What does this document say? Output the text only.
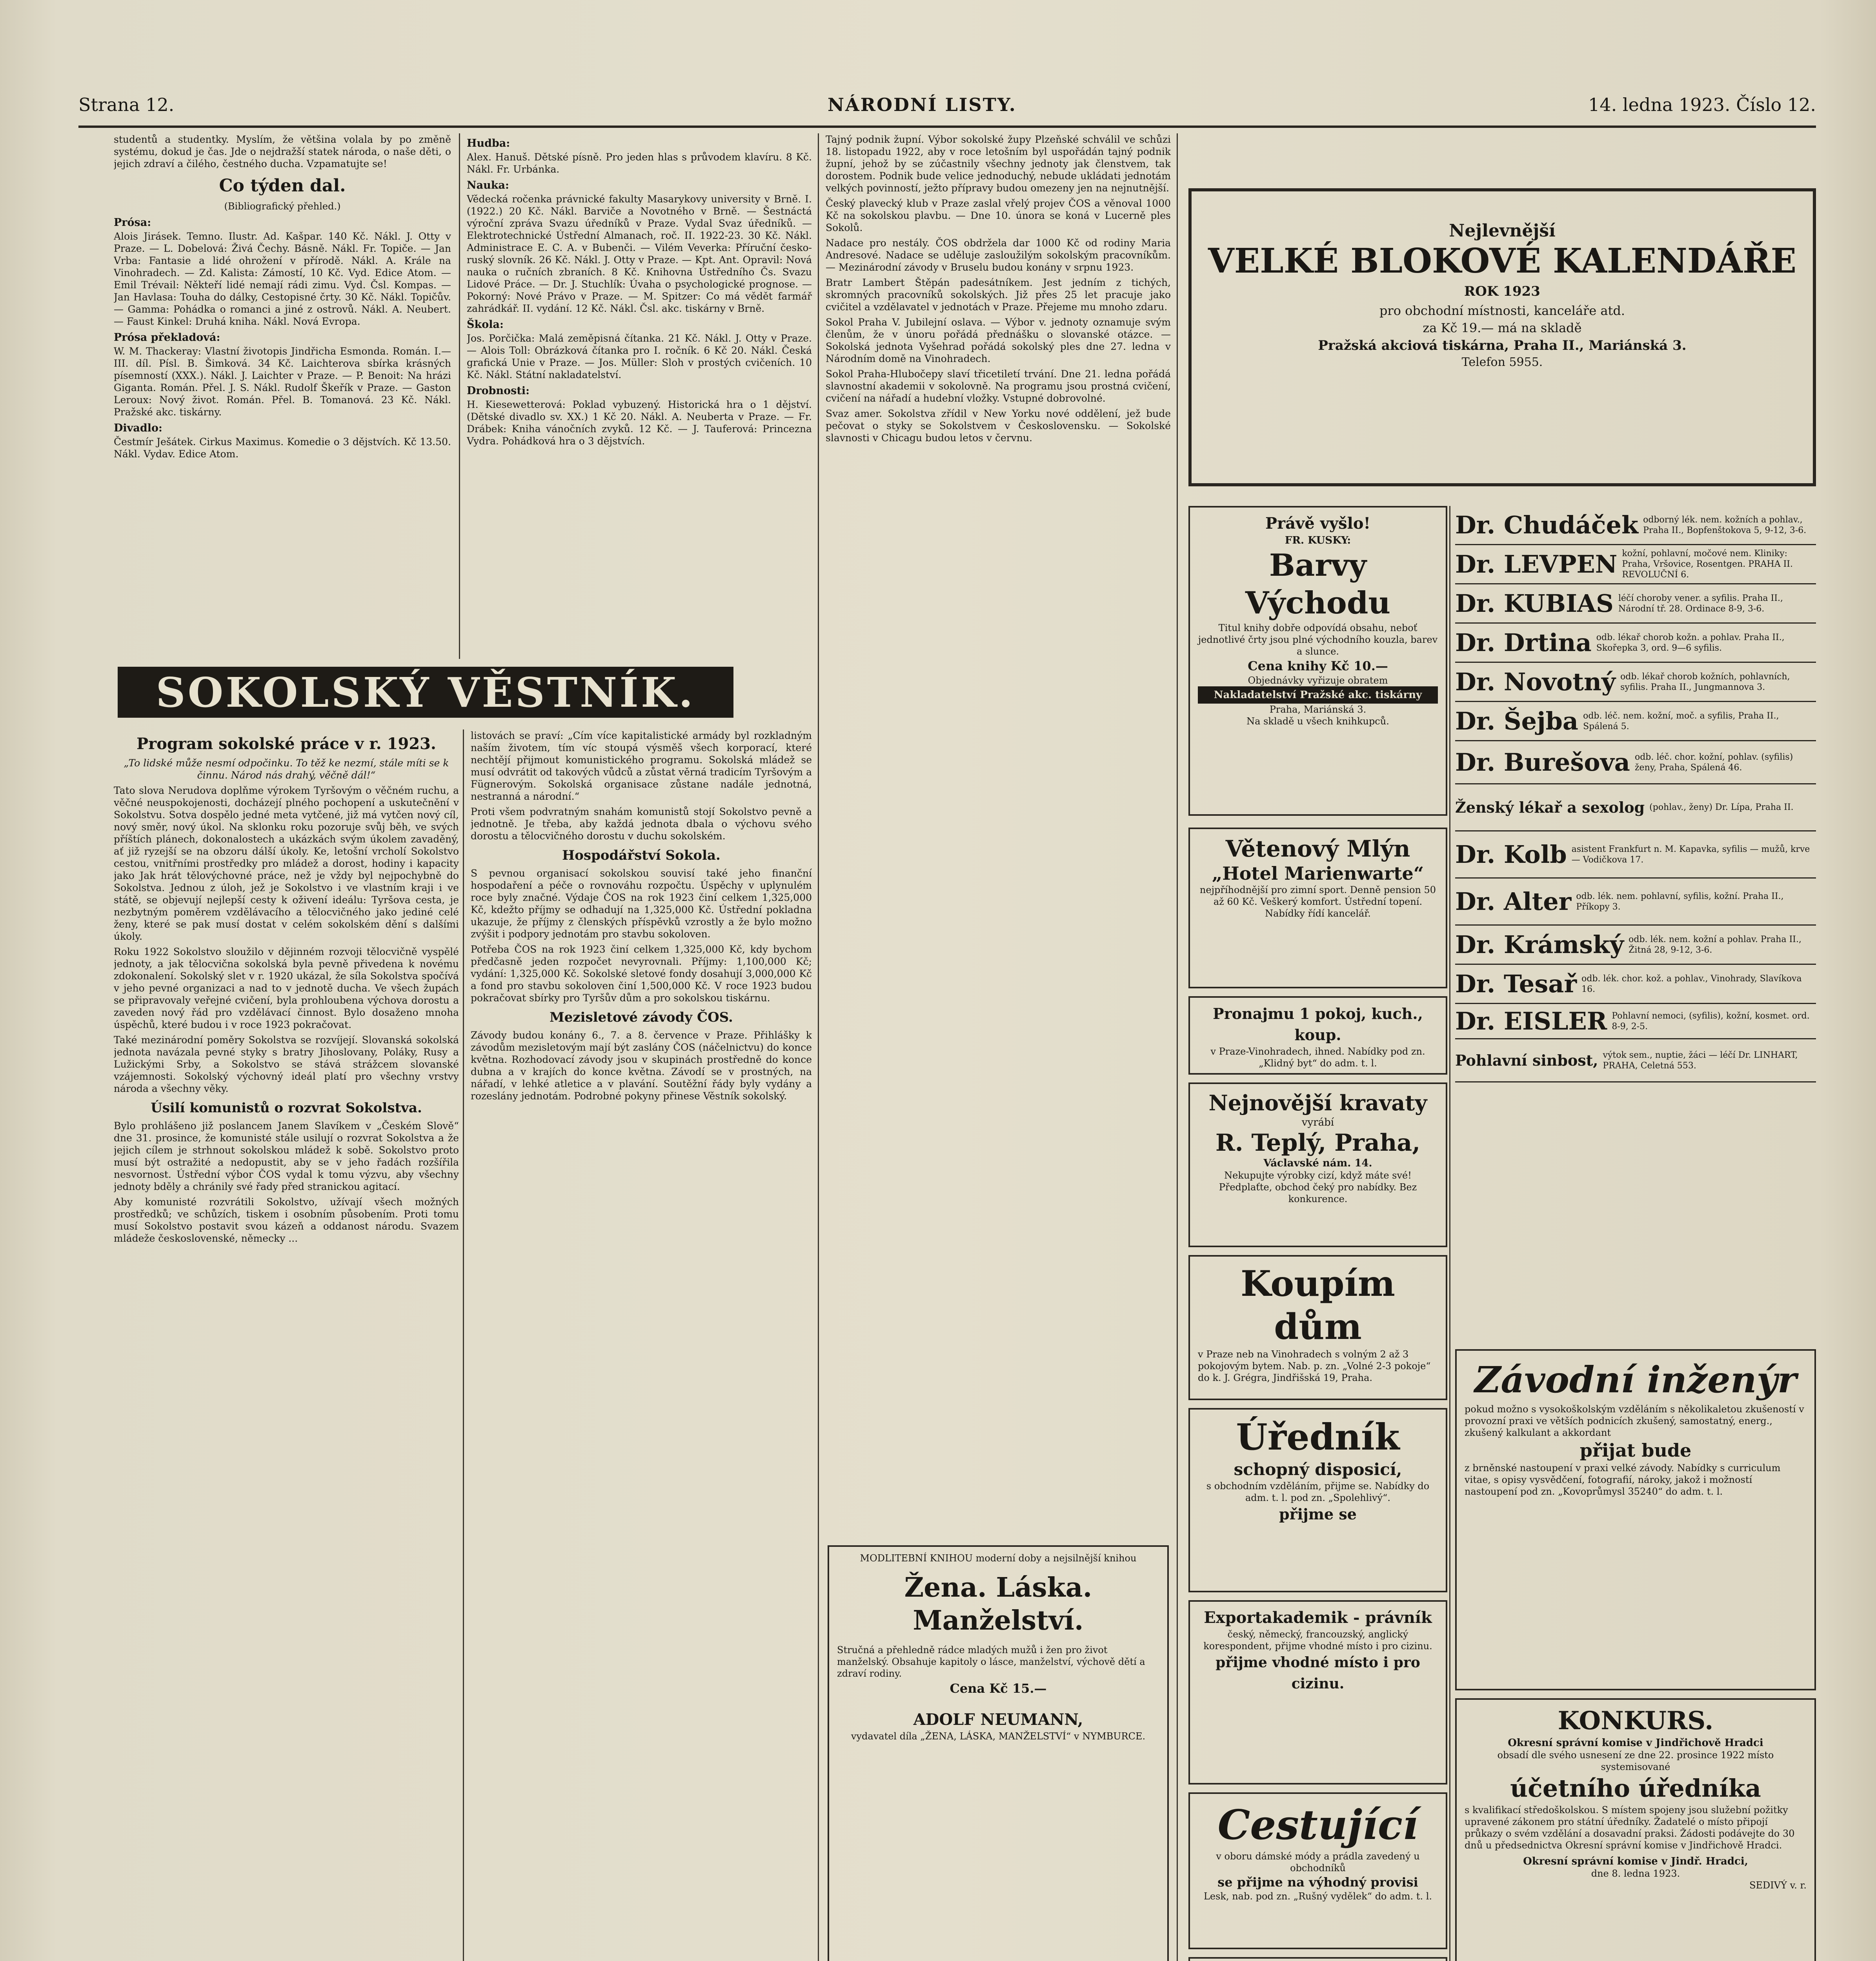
Strana 12.	NÁRODNÍ LISTY.	14. ledna 1923. Číslo 12.

studentů a studentky. Myslím, že většina volala by po změně systému, dokud je čas. Jde o nejdražší statek národa, o naše děti, o jejich zdraví a čilého, čestného ducha. Vzpamatujte se!

Co týden dal.
(Bibliografický přehled.)
Prósa:

Alois Jirásek. Temno. Ilustr. Ad. Kašpar. 140 Kč. Nákl. J. Otty v Praze. — L. Dobelová: Živá Čechy. Básně. Nákl. Fr. Topiče. — Jan Vrba: Fantasie a lidé ohrožení v přírodě. Nákl. A. Krále na Vinohradech. — Zd. Kalista: Zámostí, 10 Kč. Vyd. Edice Atom. — Emil Trévail: Někteří lidé nemají rádi zimu. Vyd. Čsl. Kompas. — Jan Havlasa: Touha do dálky, Cestopisné črty. 30 Kč. Nákl. Topičův. — Gamma: Pohádka o romanci a jiné z ostrovů. Nákl. A. Neubert. — Faust Kinkel: Druhá kniha. Nákl. Nová Evropa.

Prósa překladová:

W. M. Thackeray: Vlastní životopis Jindřicha Esmonda. Román. I.—III. díl. Písl. B. Šimková. 34 Kč. Laichterova sbírka krásných písemností (XXX.). Nákl. J. Laichter v Praze. — P. Benoit: Na hrázi Giganta. Román. Přel. J. S. Nákl. Rudolf Škeřík v Praze. — Gaston Leroux: Nový život. Román. Přel. B. Tomanová. 23 Kč. Nákl. Pražské akc. tiskárny.

Divadlo:

Čestmír Ješátek. Cirkus Maximus. Komedie o 3 dějstvích. Kč 13.50. Nákl. Vydav. Edice Atom.

Hudba:

Alex. Hanuš. Dětské písně. Pro jeden hlas s průvodem klavíru. 8 Kč. Nákl. Fr. Urbánka.

Nauka:

Vědecká ročenka právnické fakulty Masarykovy university v Brně. I. (1922.) 20 Kč. Nákl. Barviče a Novotného v Brně. — Šestnáctá výroční zpráva Svazu úředníků v Praze. Vydal Svaz úředníků. — Elektrotechnické Ústřední Almanach, roč. II. 1922-23. 30 Kč. Nákl. Administrace E. C. A. v Bubenči. — Vilém Veverka: Příruční česko-ruský slovník. 26 Kč. Nákl. J. Otty v Praze. — Kpt. Ant. Opravil: Nová nauka o ručních zbraních. 8 Kč. Knihovna Ústředního Čs. Svazu Lidové Práce. — Dr. J. Stuchlík: Úvaha o psychologické prognose. — Pokorný: Nové Právo v Praze. — M. Spitzer: Co má vědět farmář zahrádkář. II. vydání. 12 Kč. Nákl. Čsl. akc. tiskárny v Brně.

Škola:

Jos. Porčička: Malá zeměpisná čítanka. 21 Kč. Nákl. J. Otty v Praze. — Alois Toll: Obrázková čítanka pro I. ročník. 6 Kč 20. Nákl. Česká grafická Unie v Praze. — Jos. Müller: Sloh v prostých cvičeních. 10 Kč. Nákl. Státní nakladatelství.

Drobnosti:

H. Kiesewetterová: Poklad vybuzený. Historická hra o 1 dějství. (Dětské divadlo sv. XX.) 1 Kč 20. Nákl. A. Neuberta v Praze. — Fr. Drábek: Kniha vánočních zvyků. 12 Kč. — J. Tauferová: Princezna Vydra. Pohádková hra o 3 dějstvích.

SOKOLSKÝ VĚSTNÍK.
Program sokolské práce v r. 1923.

„To lidské může nesmí odpočinku. To těž ke nezmí, stále míti se k činnu. Národ nás drahý, věčně dál!“

Tato slova Nerudova doplňme výrokem Tyršovým o věčném ruchu, a věčné neuspokojenosti, docházejí plného pochopení a uskutečnění v Sokolstvu. Sotva dospělo jedné meta vytčené, již má vytčen nový cíl, nový směr, nový úkol. Na sklonku roku pozoruje svůj běh, ve svých příštích plánech, dokonalostech a ukázkách svým úkolem zavaděný, ať již ryzejší se na obzoru dálší úkoly. Ke, letošní vrcholí Sokolstvo cestou, vnitřními prostředky pro mládež a dorost, hodiny i kapacity jako Jak hrát tělovýchovné práce, než je vždy byl nejpochybně do Sokolstva. Jednou z úloh, jež je Sokolstvo i ve vlastním kraji i ve státě, se objevují nejlepší cesty k oživení ideálu: Tyršova cesta, je nezbytným poměrem vzdělávacího a tělocvičného jako jediné celé ženy, které se pak musí dostat v celém sokolském dění s dalšími úkoly.

Roku 1922 Sokolstvo sloužilo v dějinném rozvoji tělocvičně vyspělé jednoty, a jak tělocvična sokolská byla pevně přivedena k novému zdokonalení. Sokolský slet v r. 1920 ukázal, že síla Sokolstva spočívá v jeho pevné organizaci a nad to v jednotě ducha. Ve všech župách se připravovaly veřejné cvičení, byla prohloubena výchova dorostu a zaveden nový řád pro vzdělávací činnost. Bylo dosaženo mnoha úspěchů, které budou i v roce 1923 pokračovat.

Také mezinárodní poměry Sokolstva se rozvíjejí. Slovanská sokolská jednota navázala pevné styky s bratry Jihoslovany, Poláky, Rusy a Lužickými Srby, a Sokolstvo se stává strážcem slovanské vzájemnosti. Sokolský výchovný ideál platí pro všechny vrstvy národa a všechny věky.

Úsilí komunistů o rozvrat Sokolstva.

Bylo prohlášeno již poslancem Janem Slavíkem v „Českém Slově“ dne 31. prosince, že komunisté stále usilují o rozvrat Sokolstva a že jejich cílem je strhnout sokolskou mládež k sobě. Sokolstvo proto musí být ostražité a nedopustit, aby se v jeho řadách rozšířila nesvornost. Ústřední výbor ČOS vydal k tomu výzvu, aby všechny jednoty bděly a chránily své řady před stranickou agitací.

Aby komunisté rozvrátili Sokolstvo, užívají všech možných prostředků; ve schůzích, tiskem i osobním působením. Proti tomu musí Sokolstvo postavit svou kázeň a oddanost národu. Svazem mládeže československé, německy ...

listovách se praví: „Cím více kapitalistické armády byl rozkladným naším životem, tím víc stoupá výsměš všech korporací, které nechtějí přijmout komunistického programu. Sokolská mládež se musí odvrátit od takových vůdců a zůstat věrná tradicím Tyršovým a Fügnerovým. Sokolská organisace zůstane nadále jednotná, nestranná a národní.“

Proti všem podvratným snahám komunistů stojí Sokolstvo pevně a jednotně. Je třeba, aby každá jednota dbala o výchovu svého dorostu a tělocvičného dorostu v duchu sokolském.

Hospodářství Sokola.

S pevnou organisací sokolskou souvisí také jeho finanční hospodaření a péče o rovnováhu rozpočtu. Úspěchy v uplynulém roce byly značné. Výdaje ČOS na rok 1923 činí celkem 1,325,000 Kč, kdežto příjmy se odhadují na 1,325,000 Kč. Ústřední pokladna ukazuje, že příjmy z členských příspěvků vzrostly a že bylo možno zvýšit i podpory jednotám pro stavbu sokoloven.

Potřeba ČOS na rok 1923 činí celkem 1,325,000 Kč, kdy bychom předčasně jeden rozpočet nevyrovnali. Příjmy: 1,100,000 Kč; vydání: 1,325,000 Kč. Sokolské sletové fondy dosahují 3,000,000 Kč a fond pro stavbu sokoloven činí 1,500,000 Kč. V roce 1923 budou pokračovat sbírky pro Tyršův dům a pro sokolskou tiskárnu.

Mezisletové závody ČOS.

Závody budou konány 6., 7. a 8. července v Praze. Přihlášky k závodům mezisletovým mají být zaslány ČOS (náčelnictvu) do konce května. Rozhodovací závody jsou v skupinách prostředně do konce dubna a v krajích do konce května. Závodí se v prostných, na nářadí, v lehké atletice a v plavání. Soutěžní řády byly vydány a rozeslány jednotám. Podrobné pokyny přinese Věstník sokolský.

Tajný podnik župní. Výbor sokolské župy Plzeňské schválil ve schůzi 18. listopadu 1922, aby v roce letošním byl uspořádán tajný podnik župní, jehož by se zúčastnily všechny jednoty jak členstvem, tak dorostem. Podnik bude velice jednoduchý, nebude ukládati jednotám velkých povinností, ježto přípravy budou omezeny jen na nejnutnější.

Český plavecký klub v Praze zaslal vřelý projev ČOS a věnoval 1000 Kč na sokolskou plavbu. — Dne 10. února se koná v Lucerně ples Sokolů.

Nadace pro nestály. ČOS obdržela dar 1000 Kč od rodiny Maria Andresové. Nadace se uděluje zasloužilým sokolským pracovníkům. — Mezinárodní závody v Bruselu budou konány v srpnu 1923.

Bratr Lambert Štěpán padesátníkem. Jest jedním z tichých, skromných pracovníků sokolských. Již přes 25 let pracuje jako cvičitel a vzdělavatel v jednotách v Praze. Přejeme mu mnoho zdaru.

Sokol Praha V. Jubilejní oslava. — Výbor v. jednoty oznamuje svým členům, že v únoru pořádá přednášku o slovanské otázce. — Sokolská jednota Vyšehrad pořádá sokolský ples dne 27. ledna v Národním domě na Vinohradech.

Sokol Praha-Hlubočepy slaví třicetiletí trvání. Dne 21. ledna pořádá slavnostní akademii v sokolovně. Na programu jsou prostná cvičení, cvičení na nářadí a hudební vložky. Vstupné dobrovolné.

Svaz amer. Sokolstva zřídil v New Yorku nové oddělení, jež bude pečovat o styky se Sokolstvem v Československu. — Sokolské slavnosti v Chicagu budou letos v červnu.

Nejlevnější
VELKÉ BLOKOVÉ KALENDÁŘE
ROK 1923
pro obchodní místnosti, kanceláře atd.
za Kč 19.— má na skladě
Pražská akciová tiskárna, Praha II., Mariánská 3.
Telefon 5955.
Právě vyšlo!
FR. KUSKY:
Barvy Východu
Titul knihy dobře odpovídá obsahu, neboť jednotlivé črty jsou plné východního kouzla, barev a slunce.
Cena knihy Kč 10.—
Objednávky vyřizuje obratem
Nakladatelství Pražské akc. tiskárny
Praha, Mariánská 3.
Na skladě u všech knihkupců.
Větenový Mlýn
„Hotel Marienwarte“
nejpříhodnější pro zimní sport. Denně pension 50 až 60 Kč. Veškerý komfort. Ústřední topení. Nabídky řídí kancelář.
Pronajmu 1 pokoj, kuch., koup.
v Praze-Vinohradech, ihned. Nabídky pod zn. „Klidný byt“ do adm. t. l.
Nejnovější kravaty
vyrábí
R. Teplý, Praha,
Václavské nám. 14.
Nekupujte výrobky cizí, když máte své! Předplaťte, obchod čeký pro nabídky. Bez konkurence.
Koupím dům
v Praze neb na Vinohradech s volným 2 až 3 pokojovým bytem. Nab. p. zn. „Volné 2-3 pokoje“ do k. J. Grégra, Jindřišská 19, Praha.
Úředník
schopný disposicí,
s obchodním vzděláním, přijme se. Nabídky do adm. t. l. pod zn. „Spolehlivý“.
přijme se
Exportakademik - právník
český, německý, francouzský, anglický korespondent, přijme vhodné místo i pro cizinu.
přijme vhodné místo i pro cizinu.
Cestující
v oboru dámské módy a prádla zavedený u obchodníků
se přijme na výhodný provisi
Lesk, nab. pod zn. „Rušný vydělek“ do adm. t. l.
MODLITEBNÍ KNIHOU moderní doby a nejsilnější knihou
Žena. Láska. Manželství.
Stručná a přehledně rádce mladých mužů i žen pro život manželský. Obsahuje kapitoly o lásce, manželství, výchově dětí a zdraví rodiny.
Cena Kč 15.—
ADOLF NEUMANN,
vydavatel díla „ŽENA, LÁSKA, MANŽELSTVÍ“ v NYMBURCE.
Dr. Chudáček odborný lék. nem. kožních a pohlav., Praha II., Bopfenštokova 5, 9-12, 3-6.
Dr. LEVPEN kožní, pohlavní, močové nem. Kliniky: Praha, Vršovice, Rosentgen. PRAHA II. REVOLUČNÍ 6.
Dr. KUBIAS léčí choroby vener. a syfilis. Praha II., Národní tř. 28. Ordinace 8-9, 3-6.
Dr. Drtina odb. lékař chorob kožn. a pohlav. Praha II., Skořepka 3, ord. 9—6 syfilis.
Dr. Novotný odb. lékař chorob kožních, pohlavních, syfilis. Praha II., Jungmannova 3.
Dr. Šejba odb. léč. nem. kožní, moč. a syfilis, Praha II., Spálená 5.
Dr. Burešova odb. léč. chor. kožní, pohlav. (syfilis) ženy, Praha, Spálená 46.
Ženský lékař a sexolog (pohlav., ženy) Dr. Lípa, Praha II.
Dr. Kolb asistent Frankfurt n. M. Kapavka, syfilis — mužů, krve — Vodičkova 17.
Dr. Alter odb. lék. nem. pohlavní, syfilis, kožní. Praha II., Příkopy 3.
Dr. Krámský odb. lék. nem. kožní a pohlav. Praha II., Žitná 28, 9-12, 3-6.
Dr. Tesař odb. lék. chor. kož. a pohlav., Vinohrady, Slavíkova 16.
Dr. EISLER Pohlavní nemoci, (syfilis), kožní, kosmet. ord. 8-9, 2-5.
Pohlavní sinbost, výtok sem., nuptie, žáci — léčí Dr. LINHART, PRAHA, Celetná 553.
Závodní inženýr
pokud možno s vysokoškolským vzděláním s několikaletou zkušeností v provozní praxi ve větších podnicích zkušený, samostatný, energ., zkušený kalkulant a akkordant
přijat bude
z brněnské nastoupení v praxi velké závody. Nabídky s curriculum vitae, s opisy vysvědčení, fotografií, nároky, jakož i možností nastoupení pod zn. „Kovoprůmysl 35240“ do adm. t. l.
KONKURS.
Okresní správní komise v Jindřichově Hradci
obsadí dle svého usnesení ze dne 22. prosince 1922 místo systemisované
účetního úředníka
s kvalifikací středoškolskou. S místem spojeny jsou služební požitky upravené zákonem pro státní úředníky. Žadatelé o místo připojí průkazy o svém vzdělání a dosavadní praksi. Žádosti podávejte do 30 dnů u předsednictva Okresní správní komise v Jindřichově Hradci.
Okresní správní komise v Jindř. Hradci,
dne 8. ledna 1923.
SEDIVÝ v. r.
